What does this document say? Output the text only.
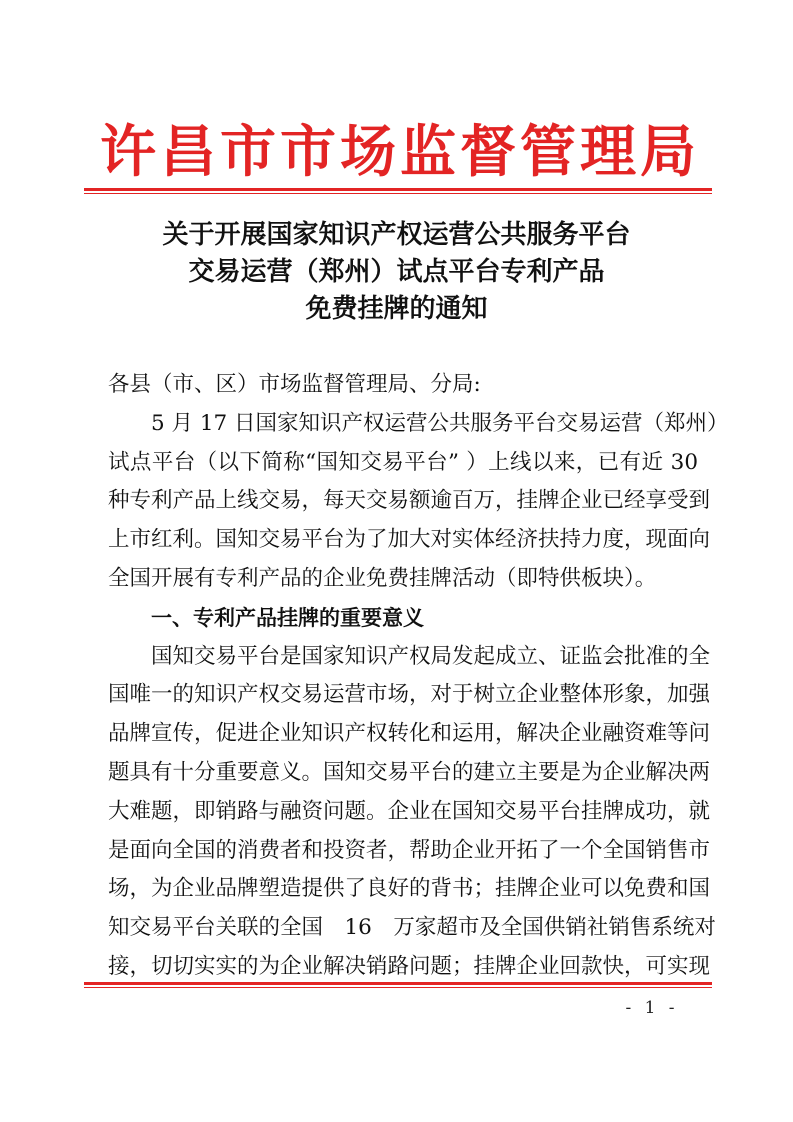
许 昌 市 市 场 监 督 管 理 局
关于开展国家知识产权运营公共服务平台
交易运营（郑州）试点平台专利产品
免费挂牌的通知
各县（市、区）市场监督管理局、分局:
5 月 17 日国家知识产权运营公共服务平台交易运营（郑州）
试点平台（以下简称“国知交易平台” ）上线以来，已有近 30
种专利产品上线交易，每天交易额逾百万，挂牌企业已经享受到
上市红利。国知交易平台为了加大对实体经济扶持力度，现面向
全国开展有专利产品的企业免费挂牌活动（即特供板块）。
一、专利产品挂牌的重要意义
国知交易平台是国家知识产权局发起成立、证监会批准的全
国唯一的知识产权交易运营市场，对于树立企业整体形象，加强
品牌宣传，促进企业知识产权转化和运用，解决企业融资难等问
题具有十分重要意义。国知交易平台的建立主要是为企业解决两
大难题，即销路与融资问题。企业在国知交易平台挂牌成功，就
是面向全国的消费者和投资者，帮助企业开拓了一个全国销售市
场，为企业品牌塑造提供了良好的背书；挂牌企业可以免费和国
知交易平台关联的全国　16　万家超市及全国供销社销售系统对
接，切切实实的为企业解决销路问题；挂牌企业回款快，可实现
- 1 -
